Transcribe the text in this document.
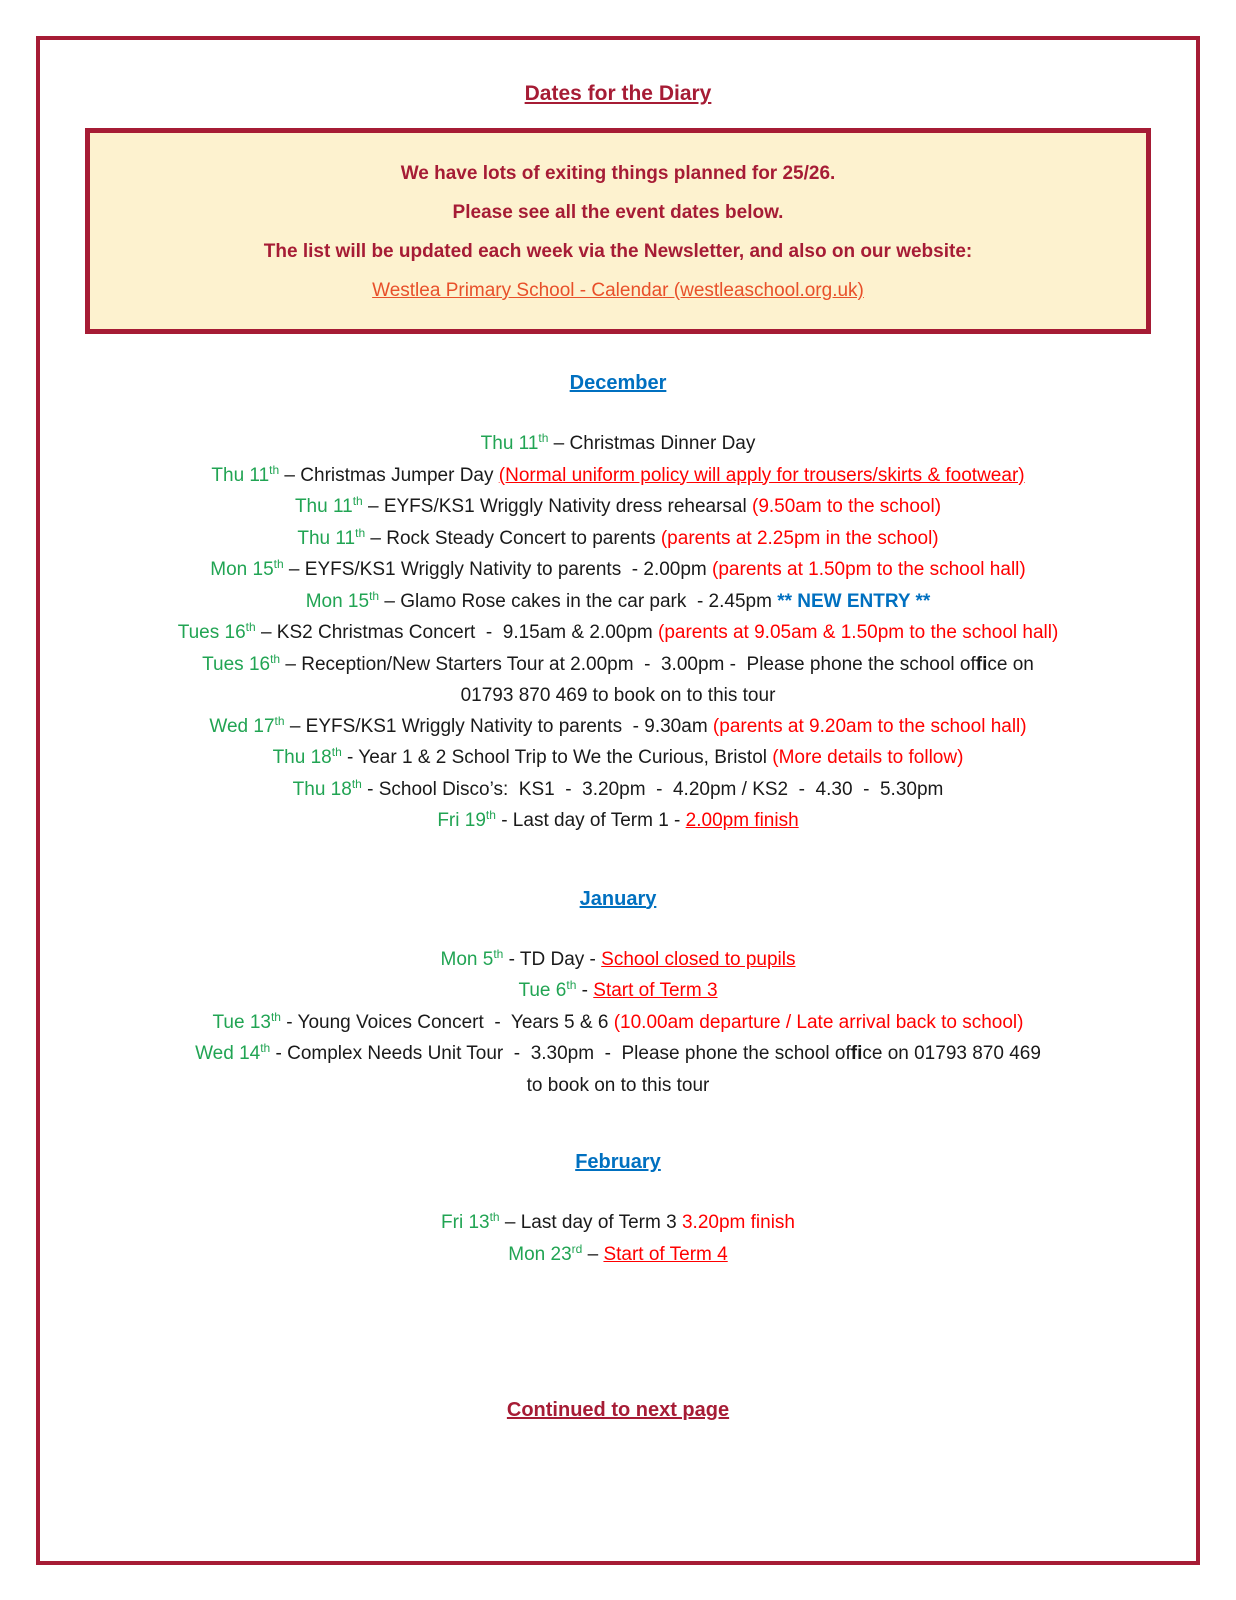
Dates for the Diary

We have lots of exiting things planned for 25/26.

Please see all the event dates below.

The list will be updated each week via the Newsletter, and also on our website:

Westlea Primary School - Calendar (westleaschool.org.uk)

December
Thu 11th – Christmas Dinner Day
Thu 11th – Christmas Jumper Day (Normal uniform policy will apply for trousers/skirts & footwear)
Thu 11th – EYFS/KS1 Wriggly Nativity dress rehearsal (9.50am to the school)
Thu 11th – Rock Steady Concert to parents (parents at 2.25pm in the school)
Mon 15th – EYFS/KS1 Wriggly Nativity to parents  - 2.00pm (parents at 1.50pm to the school hall)
Mon 15th – Glamo Rose cakes in the car park  - 2.45pm ** NEW ENTRY **
Tues 16th – KS2 Christmas Concert  -  9.15am & 2.00pm (parents at 9.05am & 1.50pm to the school hall)
Tues 16th – Reception/New Starters Tour at 2.00pm  -  3.00pm -  Please phone the school office on
01793 870 469 to book on to this tour
Wed 17th – EYFS/KS1 Wriggly Nativity to parents  - 9.30am (parents at 9.20am to the school hall)
Thu 18th - Year 1 & 2 School Trip to We the Curious, Bristol (More details to follow)
Thu 18th - School Disco’s:  KS1  -  3.20pm  -  4.20pm / KS2  -  4.30  -  5.30pm
Fri 19th - Last day of Term 1 - 2.00pm finish
January
Mon 5th - TD Day - School closed to pupils
Tue 6th - Start of Term 3
Tue 13th - Young Voices Concert  -  Years 5 & 6 (10.00am departure / Late arrival back to school)
Wed 14th - Complex Needs Unit Tour  -  3.30pm  -  Please phone the school office on 01793 870 469
to book on to this tour
February
Fri 13th – Last day of Term 3 3.20pm finish
Mon 23rd – Start of Term 4
Continued to next page
